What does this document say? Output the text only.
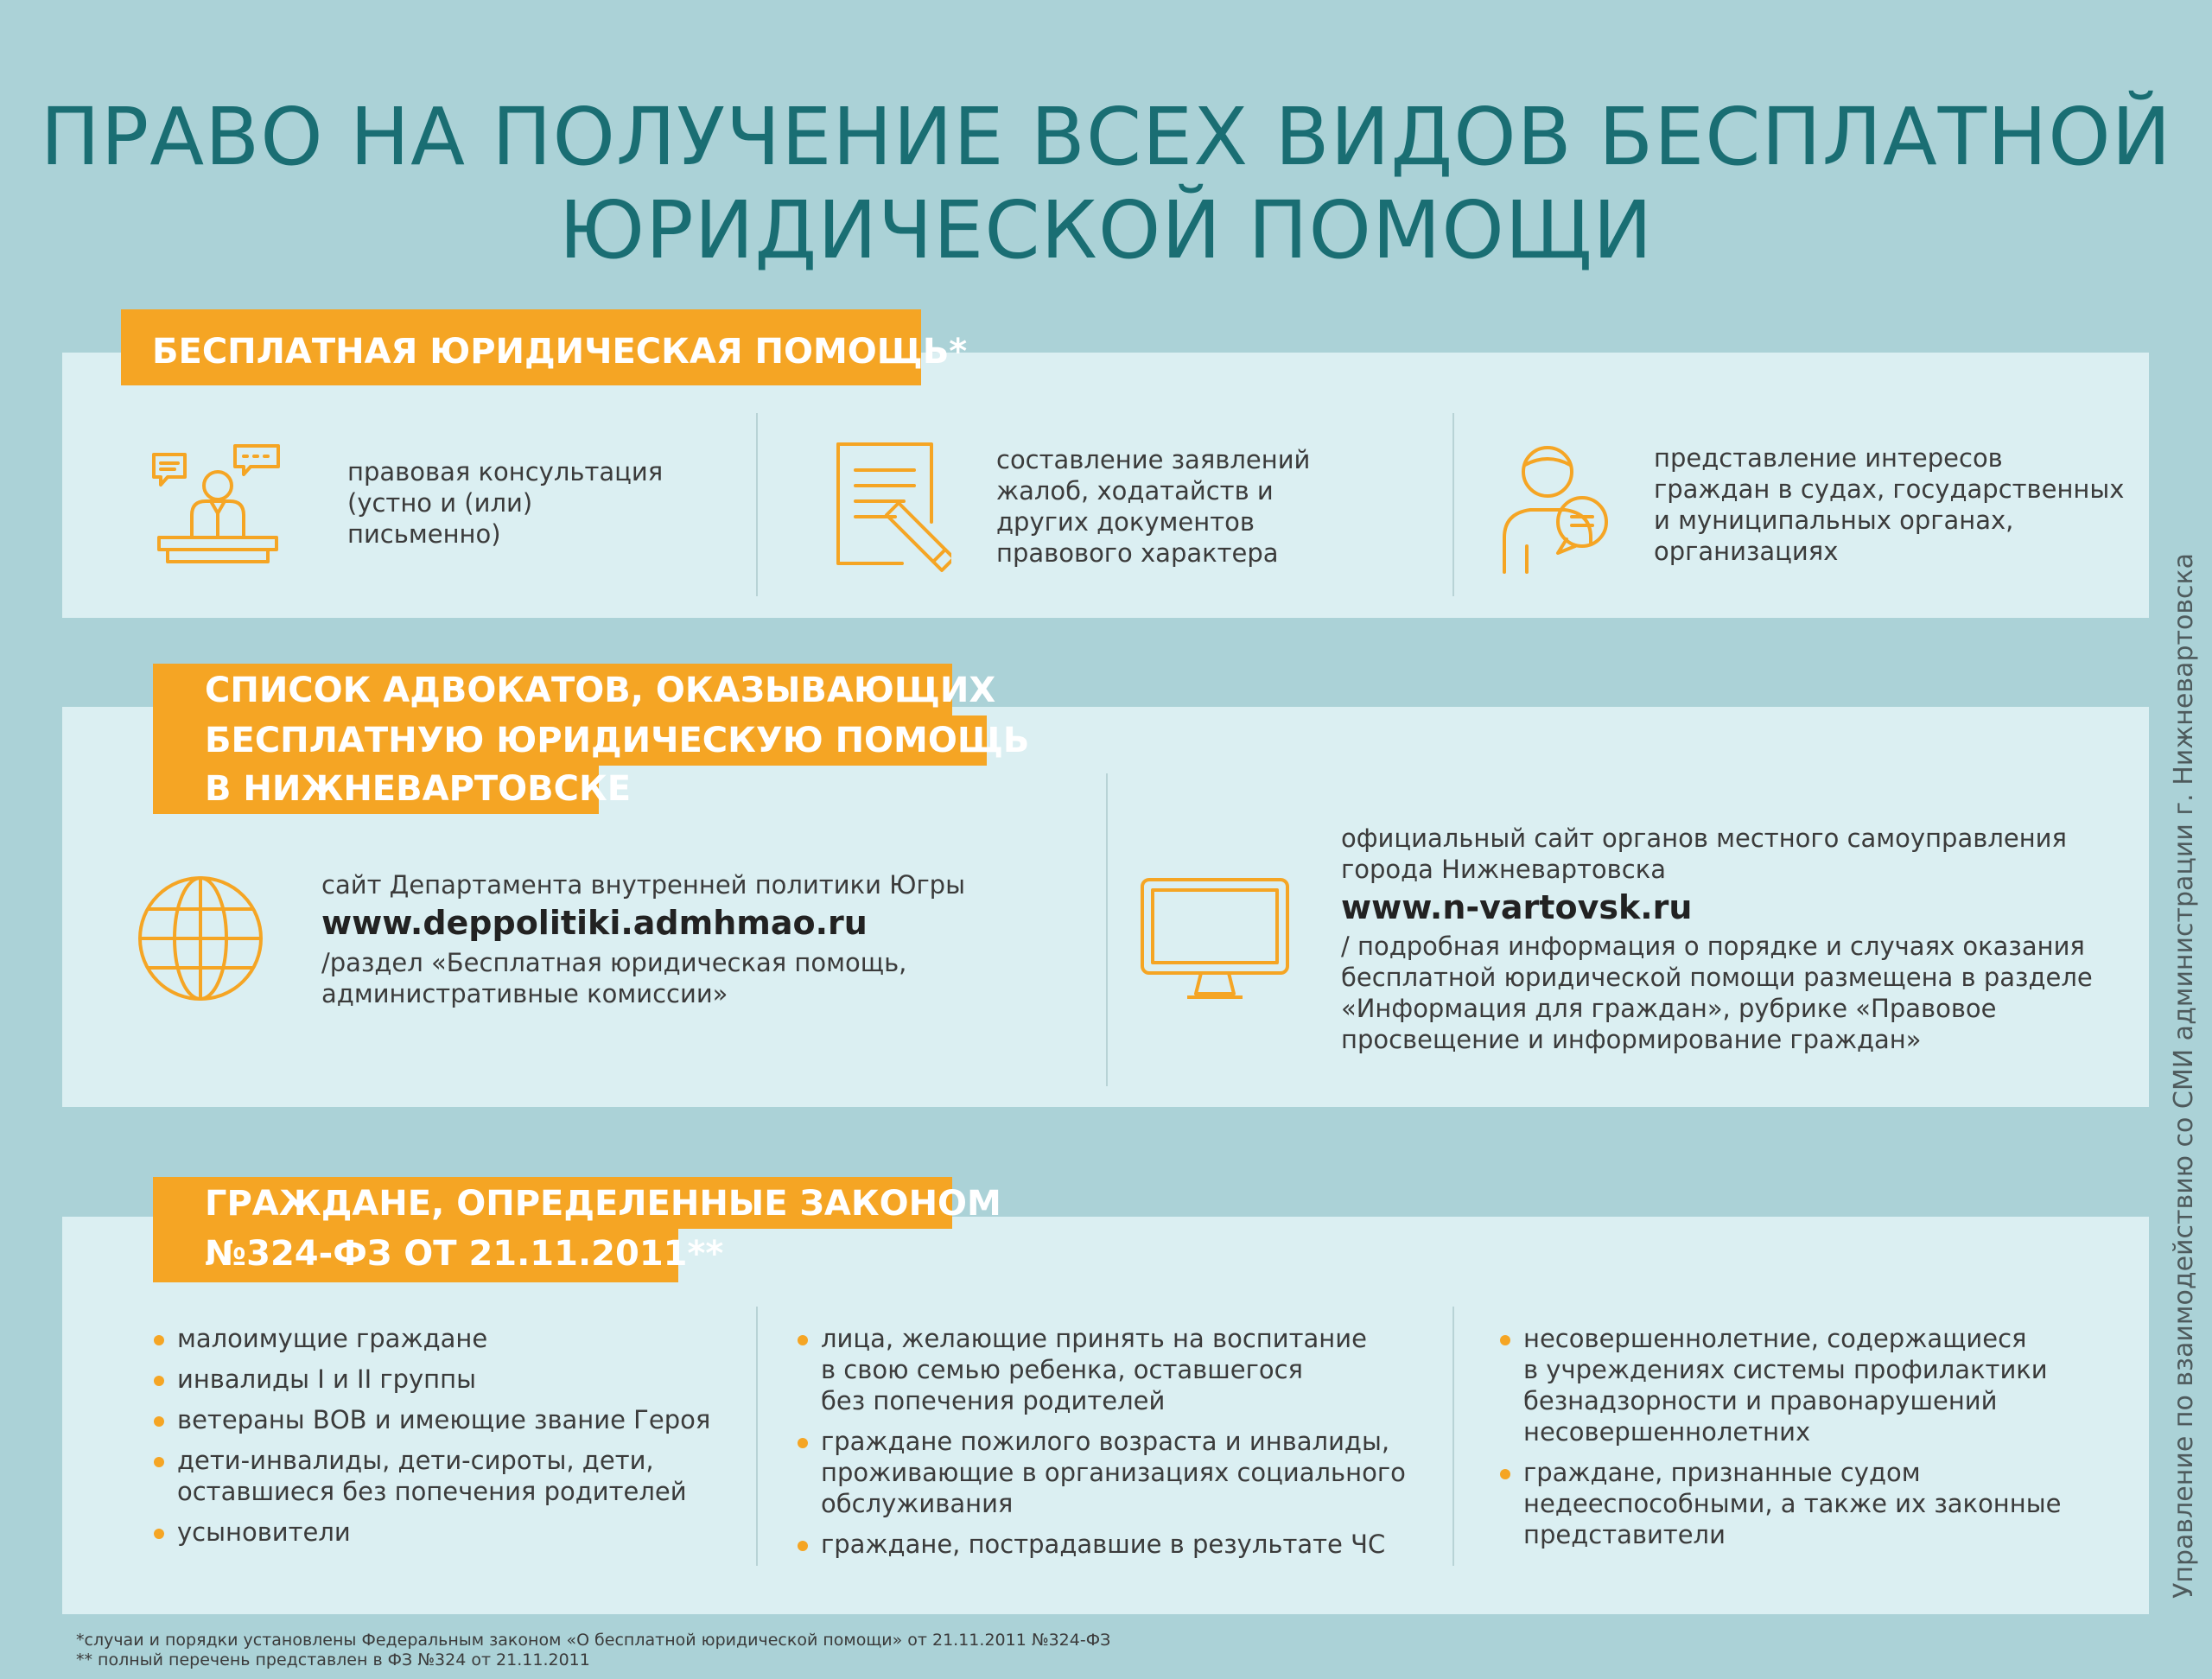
ПРАВО НА ПОЛУЧЕНИЕ ВСЕХ ВИДОВ БЕСПЛАТНОЙ
ЮРИДИЧЕСКОЙ ПОМОЩИ
БЕСПЛАТНАЯ ЮРИДИЧЕСКАЯ ПОМОЩЬ*
правовая консультация
(устно и (или)
письменно)
составление заявлений
жалоб, ходатайств и
других документов
правового характера
представление интересов
граждан в судах, государственных
и муниципальных органах,
организациях
СПИСОК АДВОКАТОВ, ОКАЗЫВАЮЩИХ
БЕСПЛАТНУЮ ЮРИДИЧЕСКУЮ ПОМОЩЬ
В НИЖНЕВАРТОВСКЕ
сайт Департамента внутренней политики Югры
www.deppolitiki.admhmao.ru
/раздел «Бесплатная юридическая помощь,
административные комиссии»
официальный сайт органов местного самоуправления
города Нижневартовска
www.n-vartovsk.ru
/ подробная информация о порядке и случаях оказания
бесплатной юридической помощи размещена в разделе
«Информация для граждан», рубрике «Правовое
просвещение и информирование граждан»
ГРАЖДАНЕ, ОПРЕДЕЛЕННЫЕ ЗАКОНОМ
№324-ФЗ ОТ 21.11.2011**
малоимущие граждане
инвалиды I и II группы
ветераны ВОВ и имеющие звание Героя
дети-инвалиды, дети-сироты, дети,
оставшиеся без попечения родителей
усыновители
лица, желающие принять на воспитание
в свою семью ребенка, оставшегося
без попечения родителей
граждане пожилого возраста и инвалиды,
проживающие в организациях социального
обслуживания
граждане, пострадавшие в результате ЧС
несовершеннолетние, содержащиеся
в учреждениях системы профилактики
безнадзорности и правонарушений
несовершеннолетних
граждане, признанные судом
недееспособными, а также их законные
представители	Управление по взаимодействию со СМИ администрации г. Нижневартовска
*случаи и порядки установлены Федеральным законом «О бесплатной юридической помощи» от 21.11.2011 №324-ФЗ
** полный перечень представлен в ФЗ №324 от 21.11.2011
